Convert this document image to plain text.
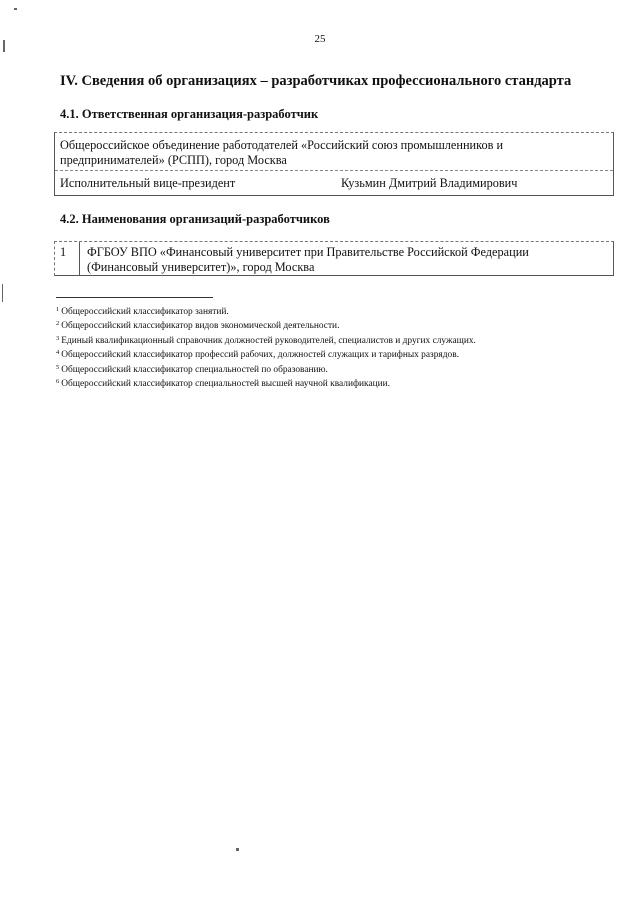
25
IV. Сведения об организациях – разработчиках профессионального стандарта
4.1. Ответственная организация-разработчик
Общероссийское объединение работодателей «Российский союз промышленников и предпринимателей» (РСПП), город Москва
Исполнительный вице-президент	Кузьмин Дмитрий Владимирович
4.2. Наименования организаций-разработчиков
1 ФГБОУ ВПО «Финансовый университет при Правительстве Российской Федерации (Финансовый университет)», город Москва
$^1$ Общероссийский классификатор занятий.
$^2$ Общероссийский классификатор видов экономической деятельности.
$^3$ Единый квалификационный справочник должностей руководителей, специалистов и других служащих.
$^4$ Общероссийский классификатор профессий рабочих, должностей служащих и тарифных разрядов.
$^5$ Общероссийский классификатор специальностей по образованию.
$^6$ Общероссийский классификатор специальностей высшей научной квалификации.
